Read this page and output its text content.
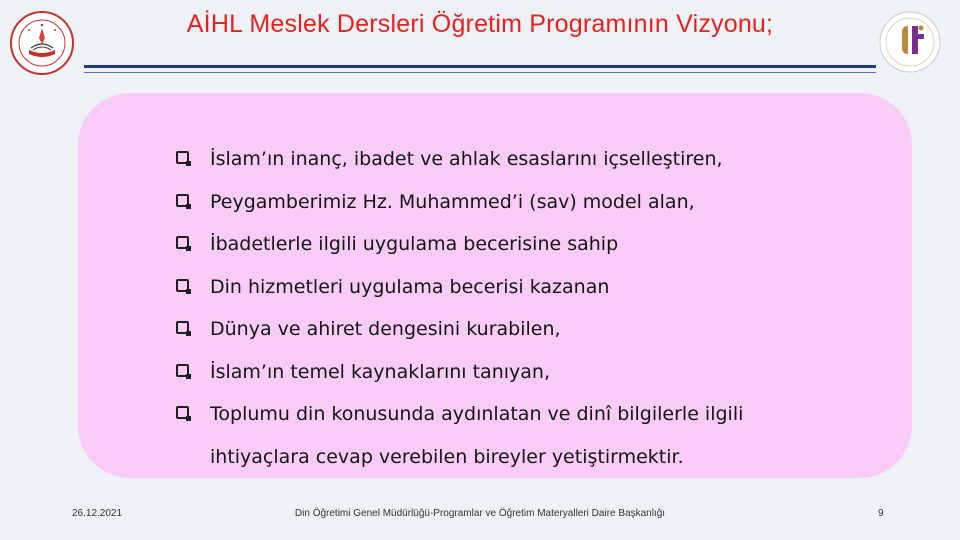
AİHL Meslek Dersleri Öğretim Programının Vizyonu;
İslam’ın inanç, ibadet ve ahlak esaslarını içselleştiren,
Peygamberimiz Hz. Muhammed’i (sav) model alan,
İbadetlerle ilgili uygulama becerisine sahip
Din hizmetleri uygulama becerisi kazanan
Dünya ve ahiret dengesini kurabilen,
İslam’ın temel kaynaklarını tanıyan,
Toplumu din konusunda aydınlatan ve dinî bilgilerle ilgili
ihtiyaçlara cevap verebilen bireyler yetiştirmektir.
26.12.2021	Din Öğretimi Genel Müdürlüğü-Programlar ve Öğretim Materyalleri Daire Başkanlığı	9
